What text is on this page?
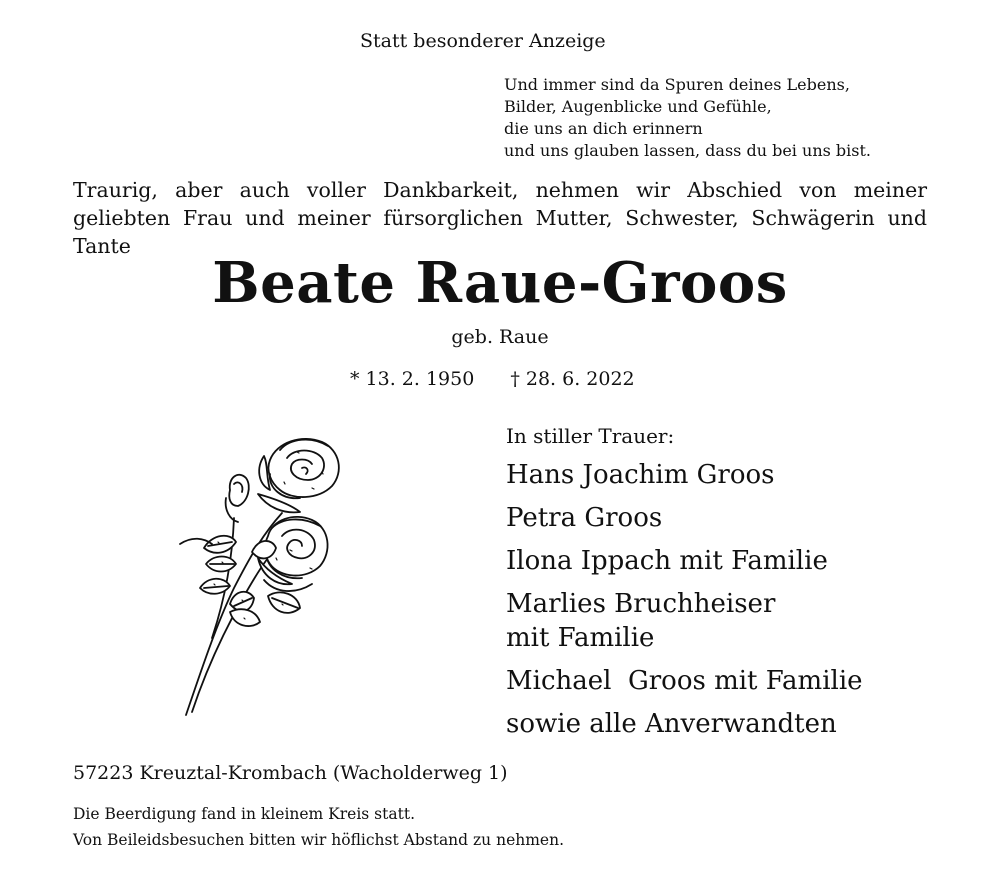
Statt besonderer Anzeige
Und immer sind da Spuren deines Lebens,
Bilder, Augenblicke und Gefühle,
die uns an dich erinnern
und uns glauben lassen, dass du bei uns bist.
Traurig, aber auch voller Dankbarkeit, nehmen wir Abschied von meiner
geliebten Frau und meiner fürsorglichen Mutter, Schwester, Schwägerin und
Tante
Beate Raue-Groos
geb. Raue
* 13. 2. 1950 † 28. 6. 2022
In stiller Trauer:
Hans Joachim Groos
Petra Groos
Ilona Ippach mit Familie
Marlies Bruchheiser
mit Familie
Michael  Groos mit Familie
sowie alle Anverwandten
57223 Kreuztal-Krombach (Wacholderweg 1)
Die Beerdigung fand in kleinem Kreis statt.
Von Beileidsbesuchen bitten wir höflichst Abstand zu nehmen.
